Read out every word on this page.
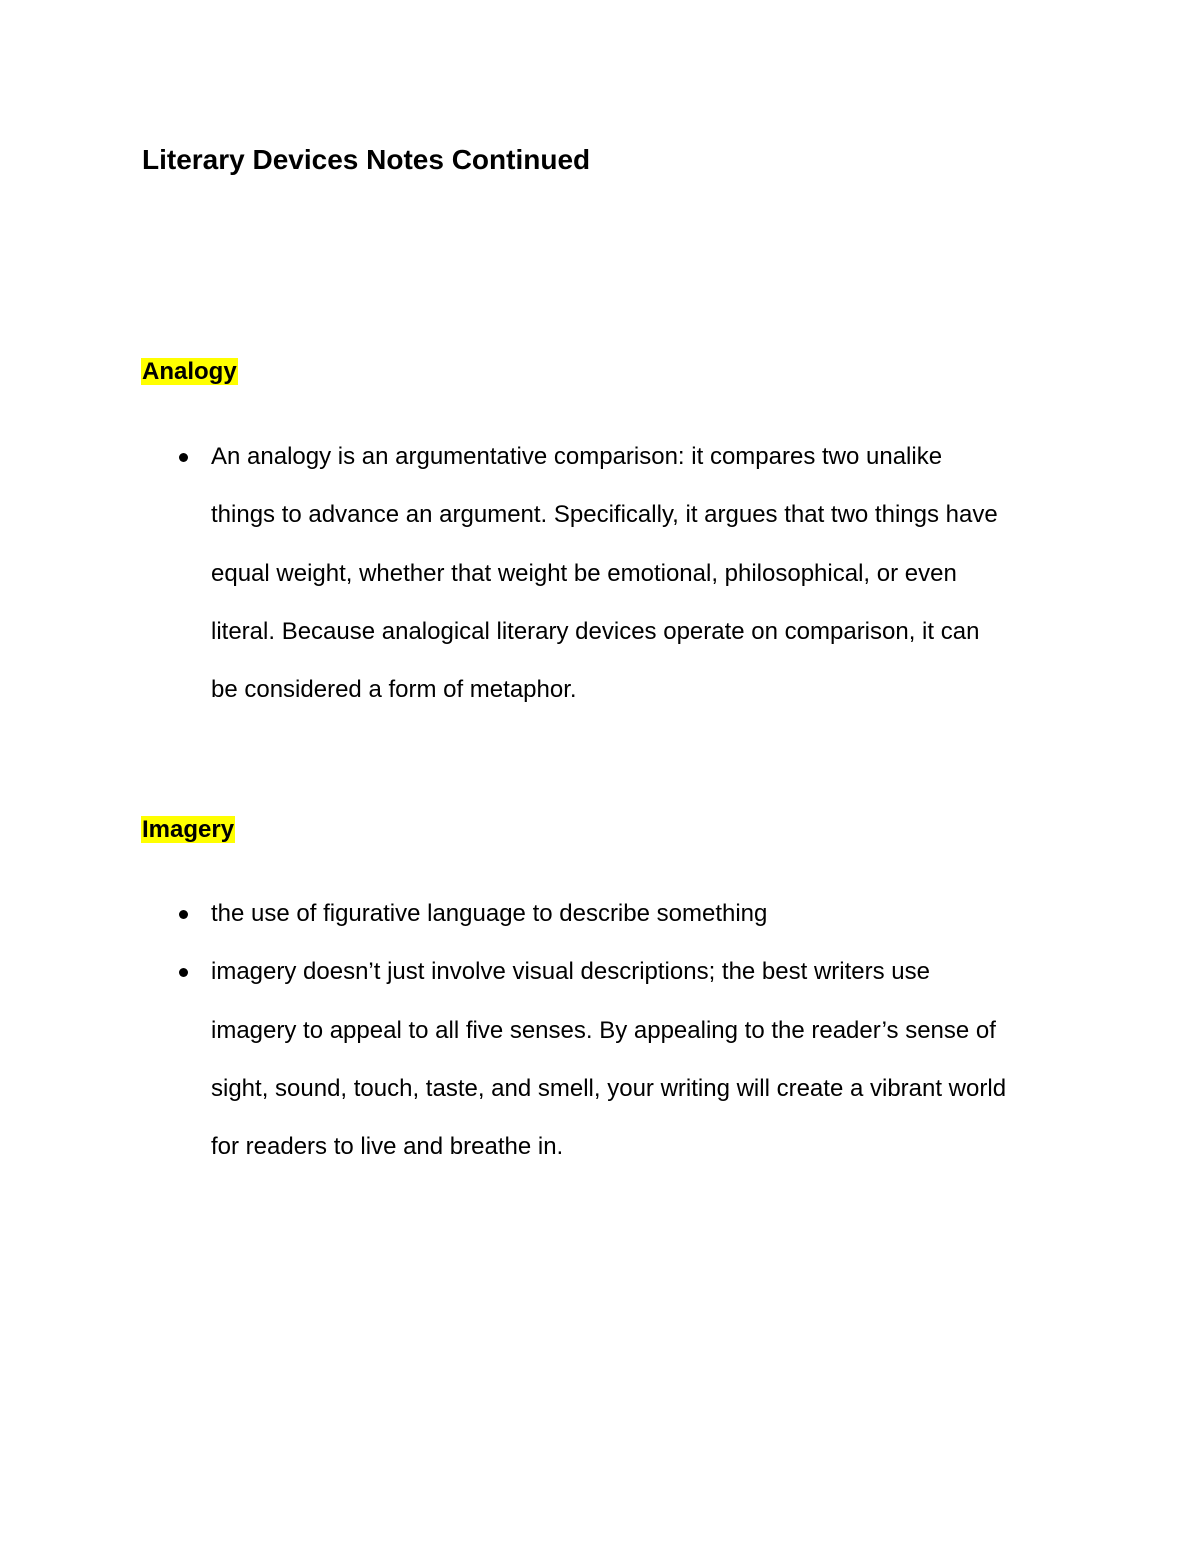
Literary Devices Notes Continued
Analogy
An analogy is an argumentative comparison: it compares two unalike
things to advance an argument. Specifically, it argues that two things have
equal weight, whether that weight be emotional, philosophical, or even
literal. Because analogical literary devices operate on comparison, it can
be considered a form of metaphor.
Imagery
the use of figurative language to describe something
imagery doesn’t just involve visual descriptions; the best writers use
imagery to appeal to all five senses. By appealing to the reader’s sense of
sight, sound, touch, taste, and smell, your writing will create a vibrant world
for readers to live and breathe in.
